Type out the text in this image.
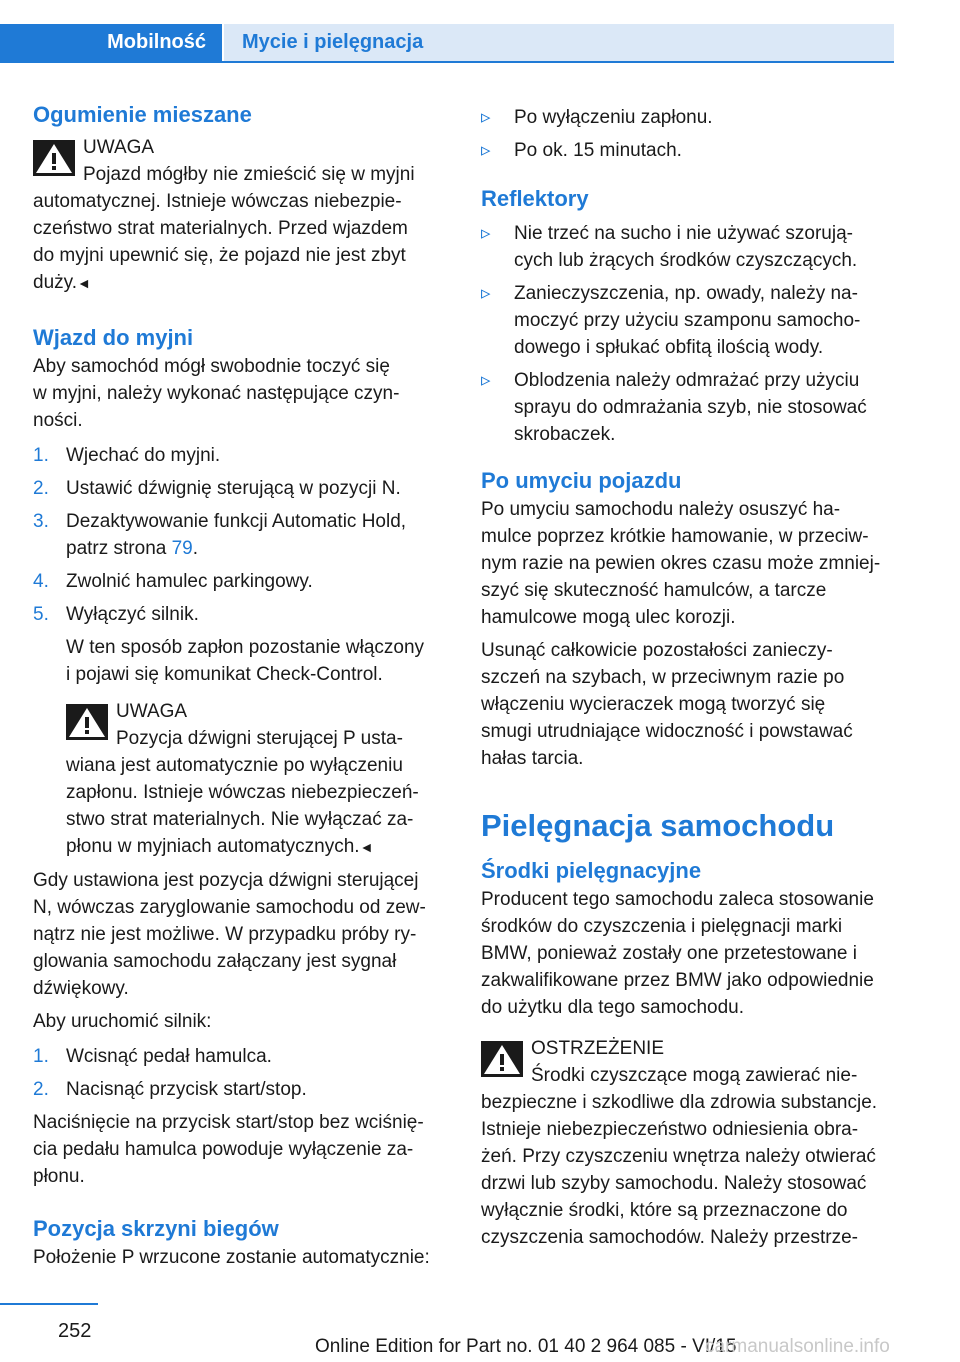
Mobilność	Mycie i pielęgnacja
Ogumienie mieszane

UWAGA

Pojazd mógłby nie zmieścić się w myjni

automatycznej. Istnieje wówczas niebezpie-

czeństwo strat materialnych. Przed wjazdem

do myjni upewnić się, że pojazd nie jest zbyt

duży.◄

Wjazd do myjni

Aby samochód mógł swobodnie toczyć się

w myjni, należy wykonać następujące czyn-

ności.

1. Wjechać do myjni.
2. Ustawić dźwignię sterującą w pozycji N.
3. Dezaktywowanie funkcji Automatic Hold,
patrz strona 79.
4. Zwolnić hamulec parkingowy.
5. Wyłączyć silnik.
W ten sposób zapłon pozostanie włączony
i pojawi się komunikat Check-Control.

UWAGA

Pozycja dźwigni sterującej P usta-

wiana jest automatycznie po wyłączeniu

zapłonu. Istnieje wówczas niebezpieczeń-

stwo strat materialnych. Nie wyłączać za-

płonu w myjniach automatycznych.◄

Gdy ustawiona jest pozycja dźwigni sterującej

N, wówczas zaryglowanie samochodu od zew-

nątrz nie jest możliwe. W przypadku próby ry-

glowania samochodu załączany jest sygnał

dźwiękowy.

Aby uruchomić silnik:

1. Wcisnąć pedał hamulca.
2. Nacisnąć przycisk start/stop.

Naciśnięcie na przycisk start/stop bez wciśnię-

cia pedału hamulca powoduje wyłączenie za-

płonu.

Pozycja skrzyni biegów

Położenie P wrzucone zostanie automatycznie:

▹	Po wyłączeniu zapłonu.
▹	Po ok. 15 minutach.
Reflektory
▹	Nie trzeć na sucho i nie używać szorują-
cych lub żrących środków czyszczących.
▹	Zanieczyszczenia, np. owady, należy na-
moczyć przy użyciu szamponu samocho-
dowego i spłukać obfitą ilością wody.
▹	Oblodzenia należy odmrażać przy użyciu
sprayu do odmrażania szyb, nie stosować
skrobaczek.
Po umyciu pojazdu

Po umyciu samochodu należy osuszyć ha-

mulce poprzez krótkie hamowanie, w przeciw-

nym razie na pewien okres czasu może zmniej-

szyć się skuteczność hamulców, a tarcze

hamulcowe mogą ulec korozji.

Usunąć całkowicie pozostałości zanieczy-

szczeń na szybach, w przeciwnym razie po

włączeniu wycieraczek mogą tworzyć się

smugi utrudniające widoczność i powstawać

hałas tarcia.

Pielęgnacja samochodu
Środki pielęgnacyjne

Producent tego samochodu zaleca stosowanie

środków do czyszczenia i pielęgnacji marki

BMW, ponieważ zostały one przetestowane i

zakwalifikowane przez BMW jako odpowiednie

do użytku dla tego samochodu.

OSTRZEŻENIE

Środki czyszczące mogą zawierać nie-

bezpieczne i szkodliwe dla zdrowia substancje.

Istnieje niebezpieczeństwo odniesienia obra-

żeń. Przy czyszczeniu wnętrza należy otwierać

drzwi lub szyby samochodu. Należy stosować

wyłącznie środki, które są przeznaczone do

czyszczenia samochodów. Należy przestrze-

252
Online Edition for Part no. 01 40 2 964 085 - VI/15
carmanualsonline.info
